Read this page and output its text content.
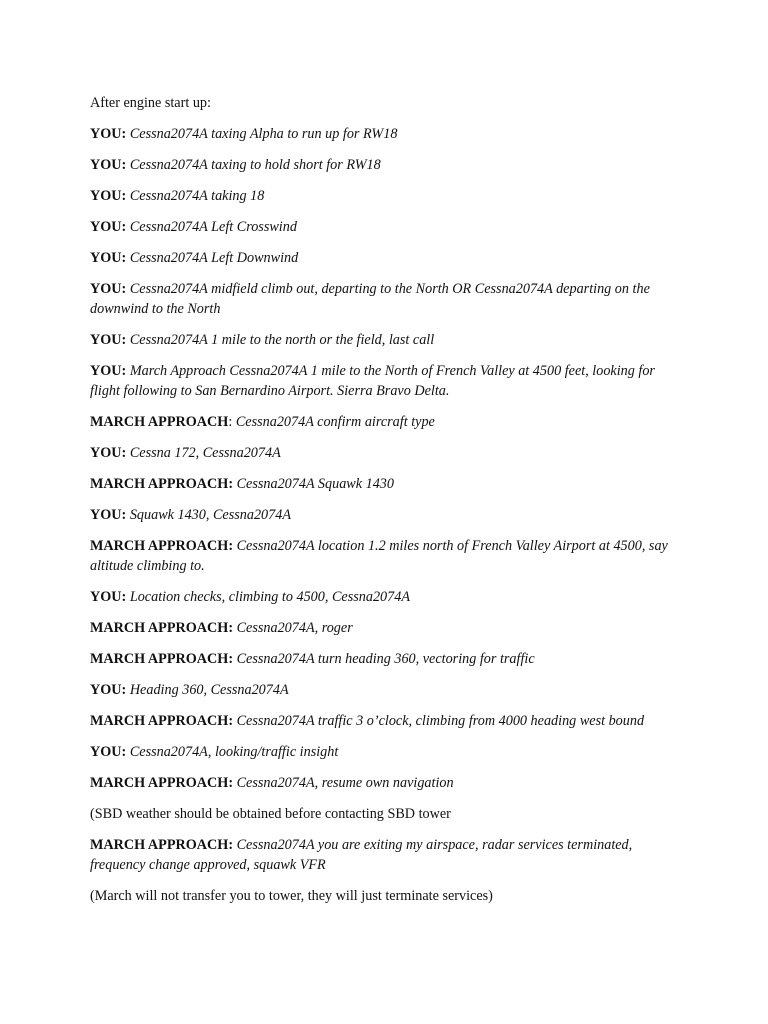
After engine start up:

YOU: Cessna2074A taxing Alpha to run up for RW18

YOU: Cessna2074A taxing to hold short for RW18

YOU: Cessna2074A taking 18

YOU: Cessna2074A Left Crosswind

YOU: Cessna2074A Left Downwind

YOU: Cessna2074A midfield climb out, departing to the North OR Cessna2074A departing on the downwind to the North

YOU: Cessna2074A 1 mile to the north or the field, last call

YOU: March Approach Cessna2074A 1 mile to the North of French Valley at 4500 feet, looking for flight following to San Bernardino Airport. Sierra Bravo Delta.

MARCH APPROACH: Cessna2074A confirm aircraft type

YOU: Cessna 172, Cessna2074A

MARCH APPROACH: Cessna2074A Squawk 1430

YOU: Squawk 1430, Cessna2074A

MARCH APPROACH: Cessna2074A location 1.2 miles north of French Valley Airport at 4500, say altitude climbing to.

YOU: Location checks, climbing to 4500, Cessna2074A

MARCH APPROACH: Cessna2074A, roger

MARCH APPROACH: Cessna2074A turn heading 360, vectoring for traffic

YOU: Heading 360, Cessna2074A

MARCH APPROACH: Cessna2074A traffic 3 o’clock, climbing from 4000 heading west bound

YOU: Cessna2074A, looking/traffic insight

MARCH APPROACH: Cessna2074A, resume own navigation

(SBD weather should be obtained before contacting SBD tower

MARCH APPROACH: Cessna2074A you are exiting my airspace, radar services terminated, frequency change approved, squawk VFR

(March will not transfer you to tower, they will just terminate services)
